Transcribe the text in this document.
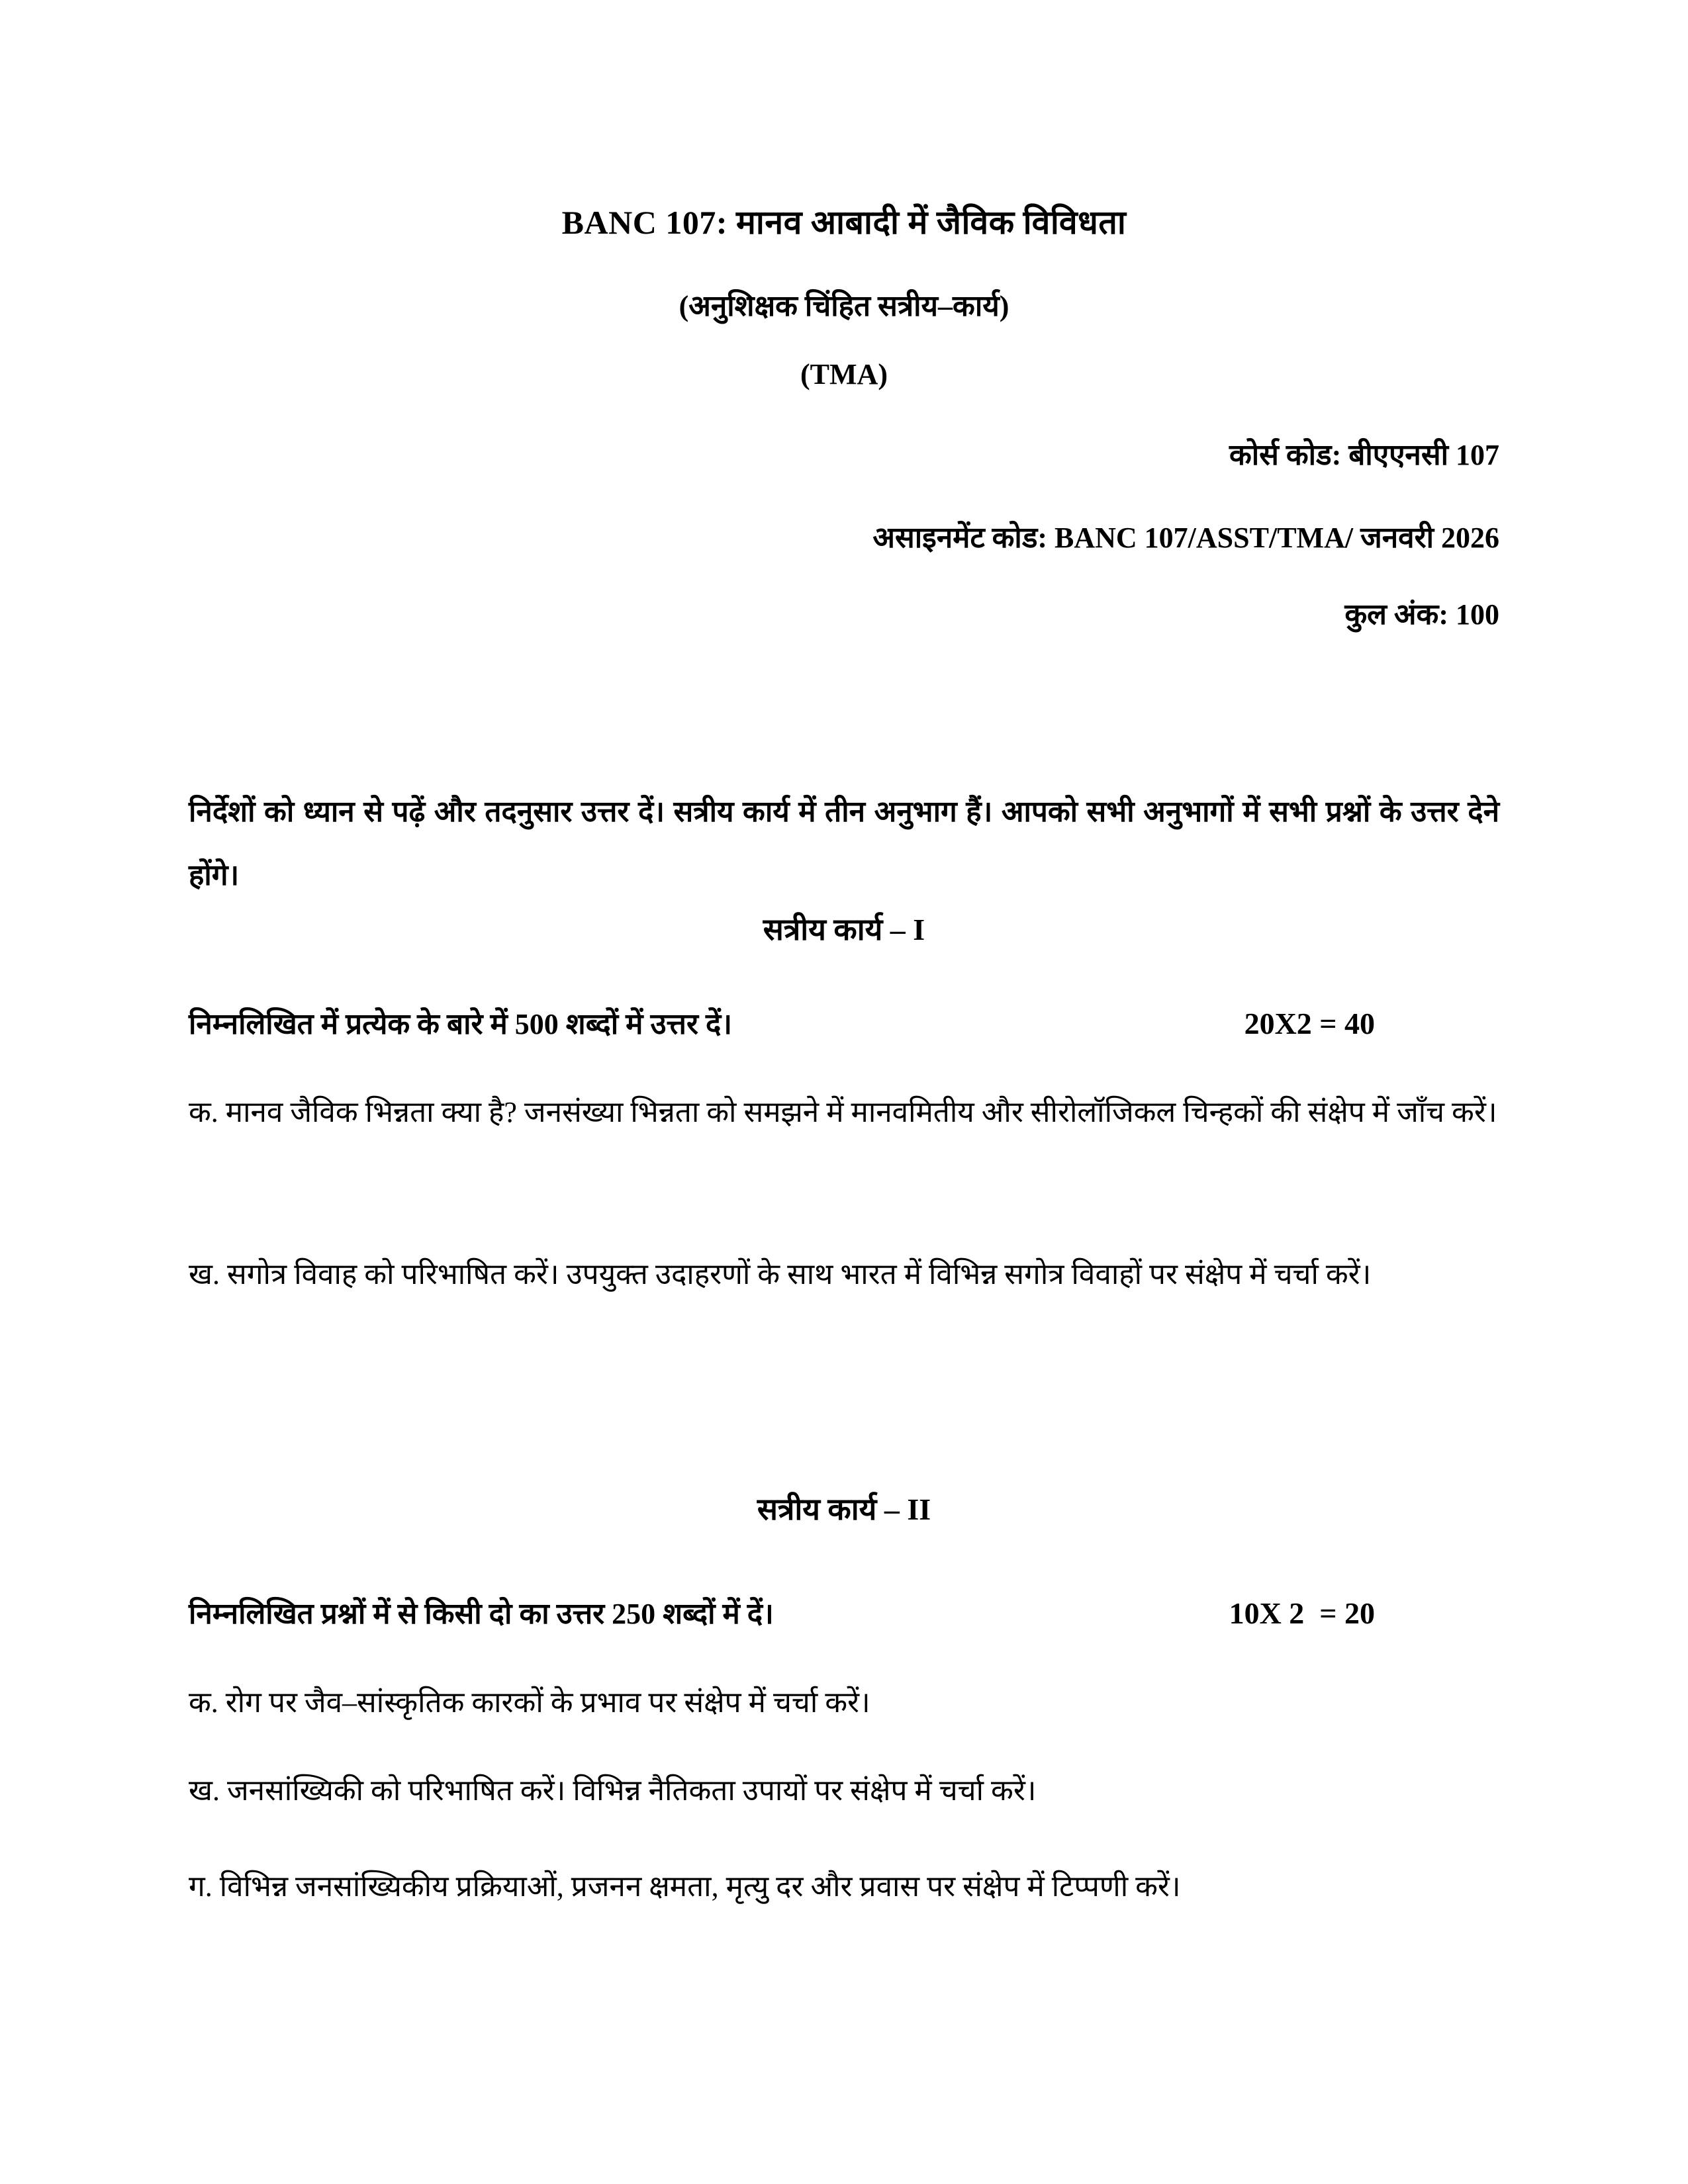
BANC 107: मानव आबादी में जैविक विविधता
(अनुशिक्षक चिंहित सत्रीय–कार्य)
(TMA)
कोर्स कोड: बीएएनसी 107
असाइनमेंट कोड: BANC 107/ASST/TMA/ जनवरी 2026
कुल अंक: 100

निर्देशों को ध्यान से पढ़ें और तदनुसार उत्तर दें। सत्रीय कार्य में तीन अनुभाग हैं। आपको सभी अनुभागों में सभी प्रश्नों के उत्तर देने होंगे।

सत्रीय कार्य – I
निम्नलिखित में प्रत्येक के बारे में 500 शब्दों में उत्तर दें।	20X2 = 40

क. मानव जैविक भिन्नता क्या है? जनसंख्या भिन्नता को समझने में मानवमितीय और सीरोलॉजिकल चिन्हकों की संक्षेप में जाँच करें।

ख. सगोत्र विवाह को परिभाषित करें। उपयुक्त उदाहरणों के साथ भारत में विभिन्न सगोत्र विवाहों पर संक्षेप में चर्चा करें।

सत्रीय कार्य – II
निम्नलिखित प्रश्नों में से किसी दो का उत्तर 250 शब्दों में दें।	10X 2  = 20

क. रोग पर जैव–सांस्कृतिक कारकों के प्रभाव पर संक्षेप में चर्चा करें।

ख. जनसांख्यिकी को परिभाषित करें। विभिन्न नैतिकता उपायों पर संक्षेप में चर्चा करें।

ग. विभिन्न जनसांख्यिकीय प्रक्रियाओं, प्रजनन क्षमता, मृत्यु दर और प्रवास पर संक्षेप में टिप्पणी करें।
